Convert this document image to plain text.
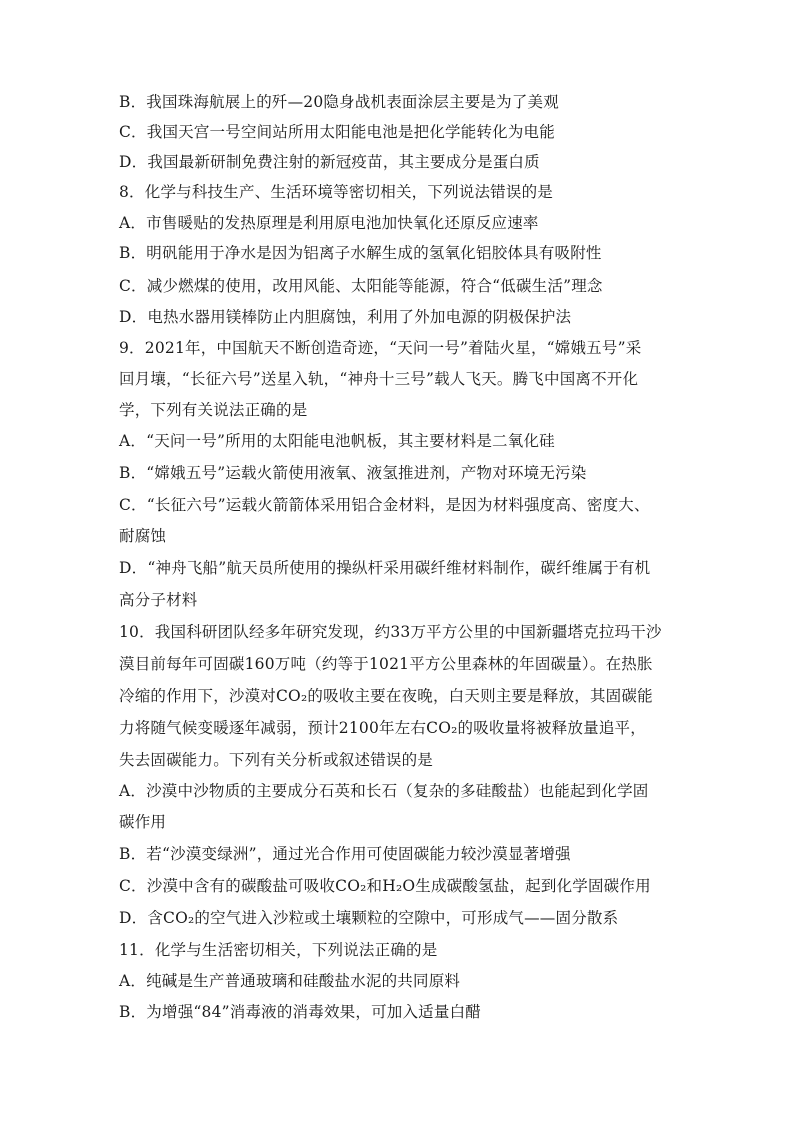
B．我国珠海航展上的歼—20隐身战机表面涂层主要是为了美观
C．我国天宫一号空间站所用太阳能电池是把化学能转化为电能
D．我国最新研制免费注射的新冠疫苗，其主要成分是蛋白质
8．化学与科技生产、生活环境等密切相关，下列说法错误的是
A．市售暖贴的发热原理是利用原电池加快氧化还原反应速率
B．明矾能用于净水是因为铝离子水解生成的氢氧化铝胶体具有吸附性
C．减少燃煤的使用，改用风能、太阳能等能源，符合“低碳生活”理念
D．电热水器用镁棒防止内胆腐蚀，利用了外加电源的阴极保护法
9．2021年，中国航天不断创造奇迹，“天问一号”着陆火星，“嫦娥五号”采
回月壤，“长征六号”送星入轨，“神舟十三号”载人飞天。腾飞中国离不开化
学，下列有关说法正确的是
A．“天问一号”所用的太阳能电池帆板，其主要材料是二氧化硅
B．“嫦娥五号”运载火箭使用液氧、液氢推进剂，产物对环境无污染
C．“长征六号”运载火箭箭体采用铝合金材料，是因为材料强度高、密度大、
耐腐蚀
D．“神舟飞船”航天员所使用的操纵杆采用碳纤维材料制作，碳纤维属于有机
高分子材料
10．我国科研团队经多年研究发现，约33万平方公里的中国新疆塔克拉玛干沙
漠目前每年可固碳160万吨（约等于1021平方公里森林的年固碳量）。在热胀
冷缩的作用下，沙漠对CO₂的吸收主要在夜晚，白天则主要是释放，其固碳能
力将随气候变暖逐年减弱，预计2100年左右CO₂的吸收量将被释放量追平，
失去固碳能力。下列有关分析或叙述错误的是
A．沙漠中沙物质的主要成分石英和长石（复杂的多硅酸盐）也能起到化学固
碳作用
B．若“沙漠变绿洲”，通过光合作用可使固碳能力较沙漠显著增强
C．沙漠中含有的碳酸盐可吸收CO₂和H₂O生成碳酸氢盐，起到化学固碳作用
D．含CO₂的空气进入沙粒或土壤颗粒的空隙中，可形成气——固分散系
11．化学与生活密切相关，下列说法正确的是
A．纯碱是生产普通玻璃和硅酸盐水泥的共同原料
B．为增强“84”消毒液的消毒效果，可加入适量白醋
